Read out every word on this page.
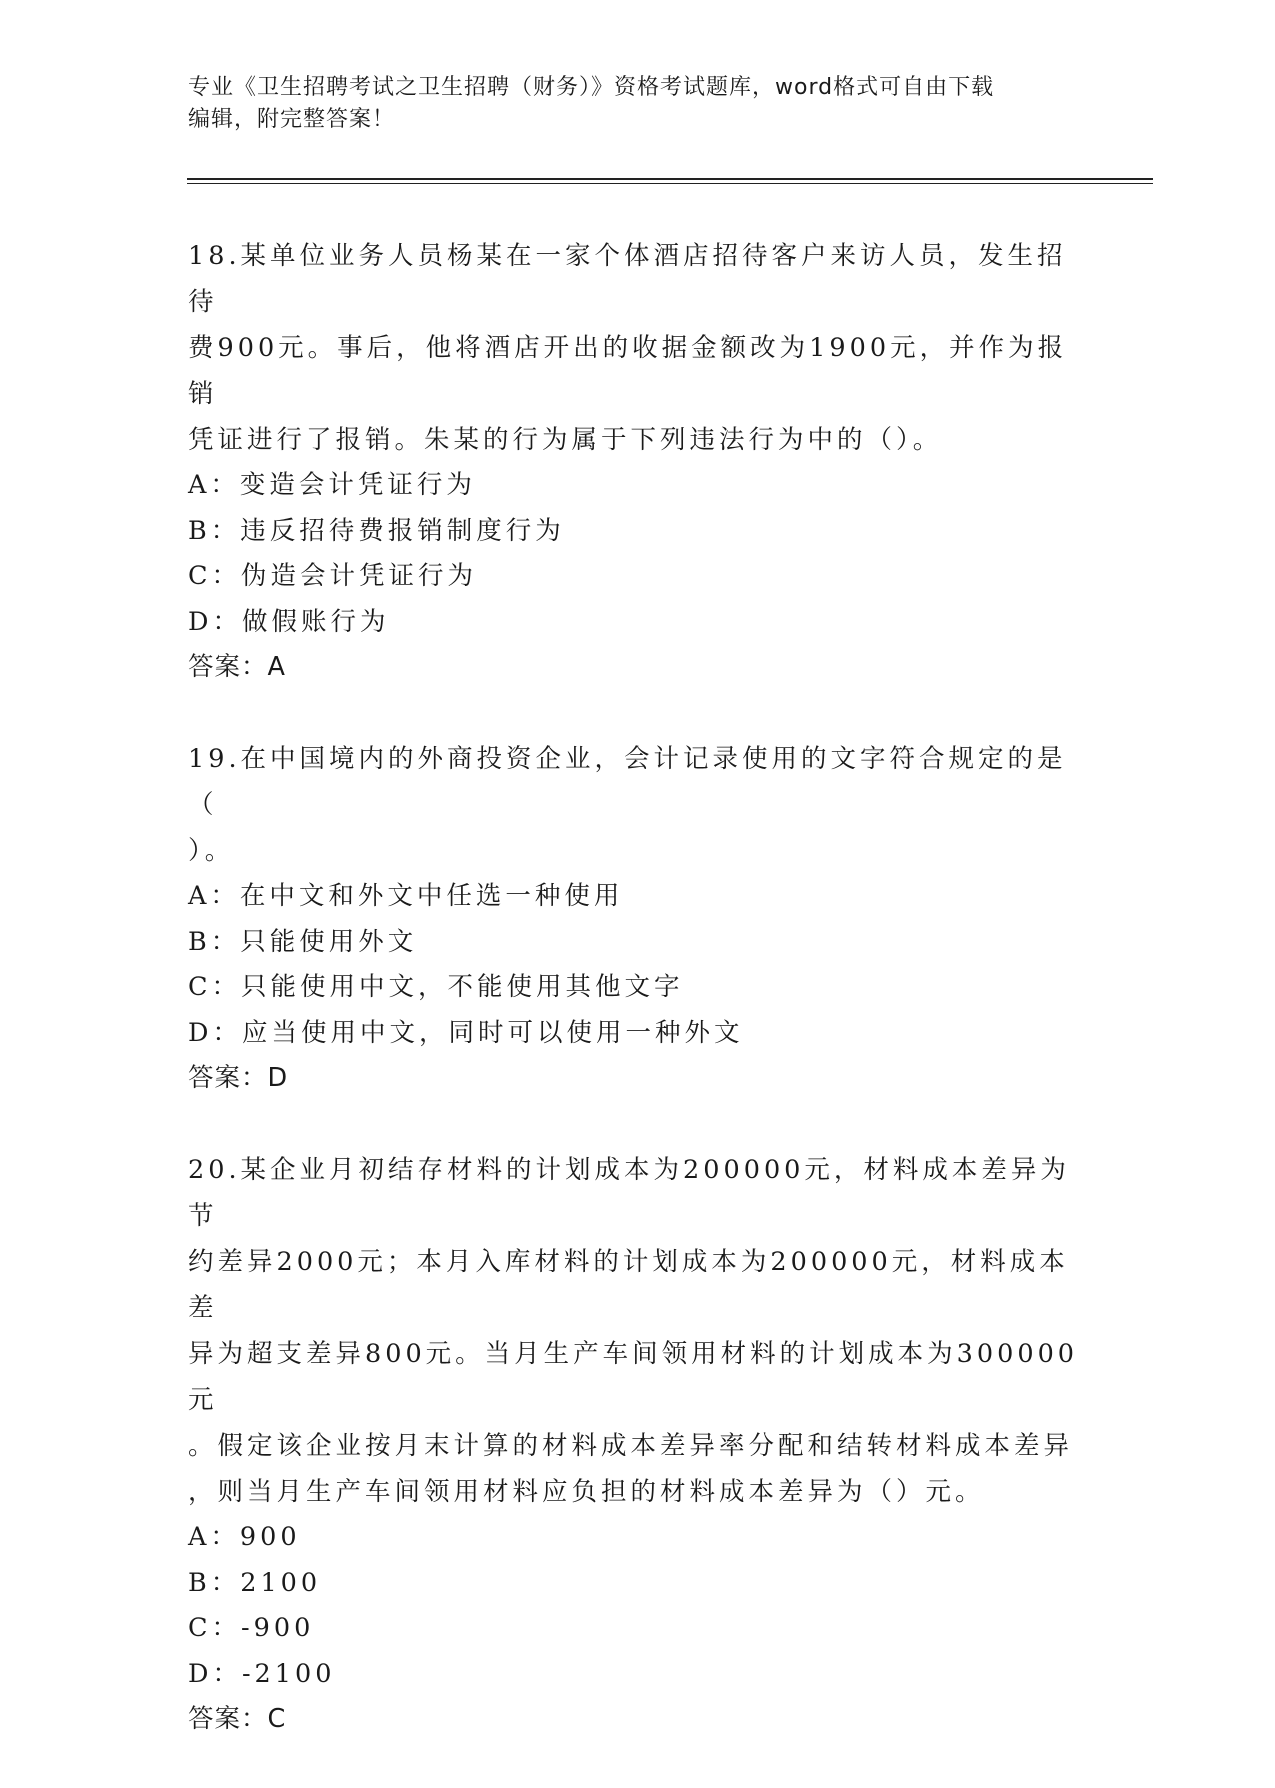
专业《卫生招聘考试之卫生招聘（财务）》资格考试题库，word格式可自由下载
编辑，附完整答案！

18.某单位业务人员杨某在一家个体酒店招待客户来访人员，发生招待

费900元。事后，他将酒店开出的收据金额改为1900元，并作为报销

凭证进行了报销。朱某的行为属于下列违法行为中的（）。

A：变造会计凭证行为

B：违反招待费报销制度行为

C：伪造会计凭证行为

D：做假账行为

答案：A

19.在中国境内的外商投资企业，会计记录使用的文字符合规定的是（

）。

A：在中文和外文中任选一种使用

B：只能使用外文

C：只能使用中文，不能使用其他文字

D：应当使用中文，同时可以使用一种外文

答案：D

20.某企业月初结存材料的计划成本为200000元，材料成本差异为节

约差异2000元；本月入库材料的计划成本为200000元，材料成本差

异为超支差异800元。当月生产车间领用材料的计划成本为300000元

。假定该企业按月末计算的材料成本差异率分配和结转材料成本差异

，则当月生产车间领用材料应负担的材料成本差异为（）元。

A：900

B：2100

C：-900

D：-2100

答案：C
